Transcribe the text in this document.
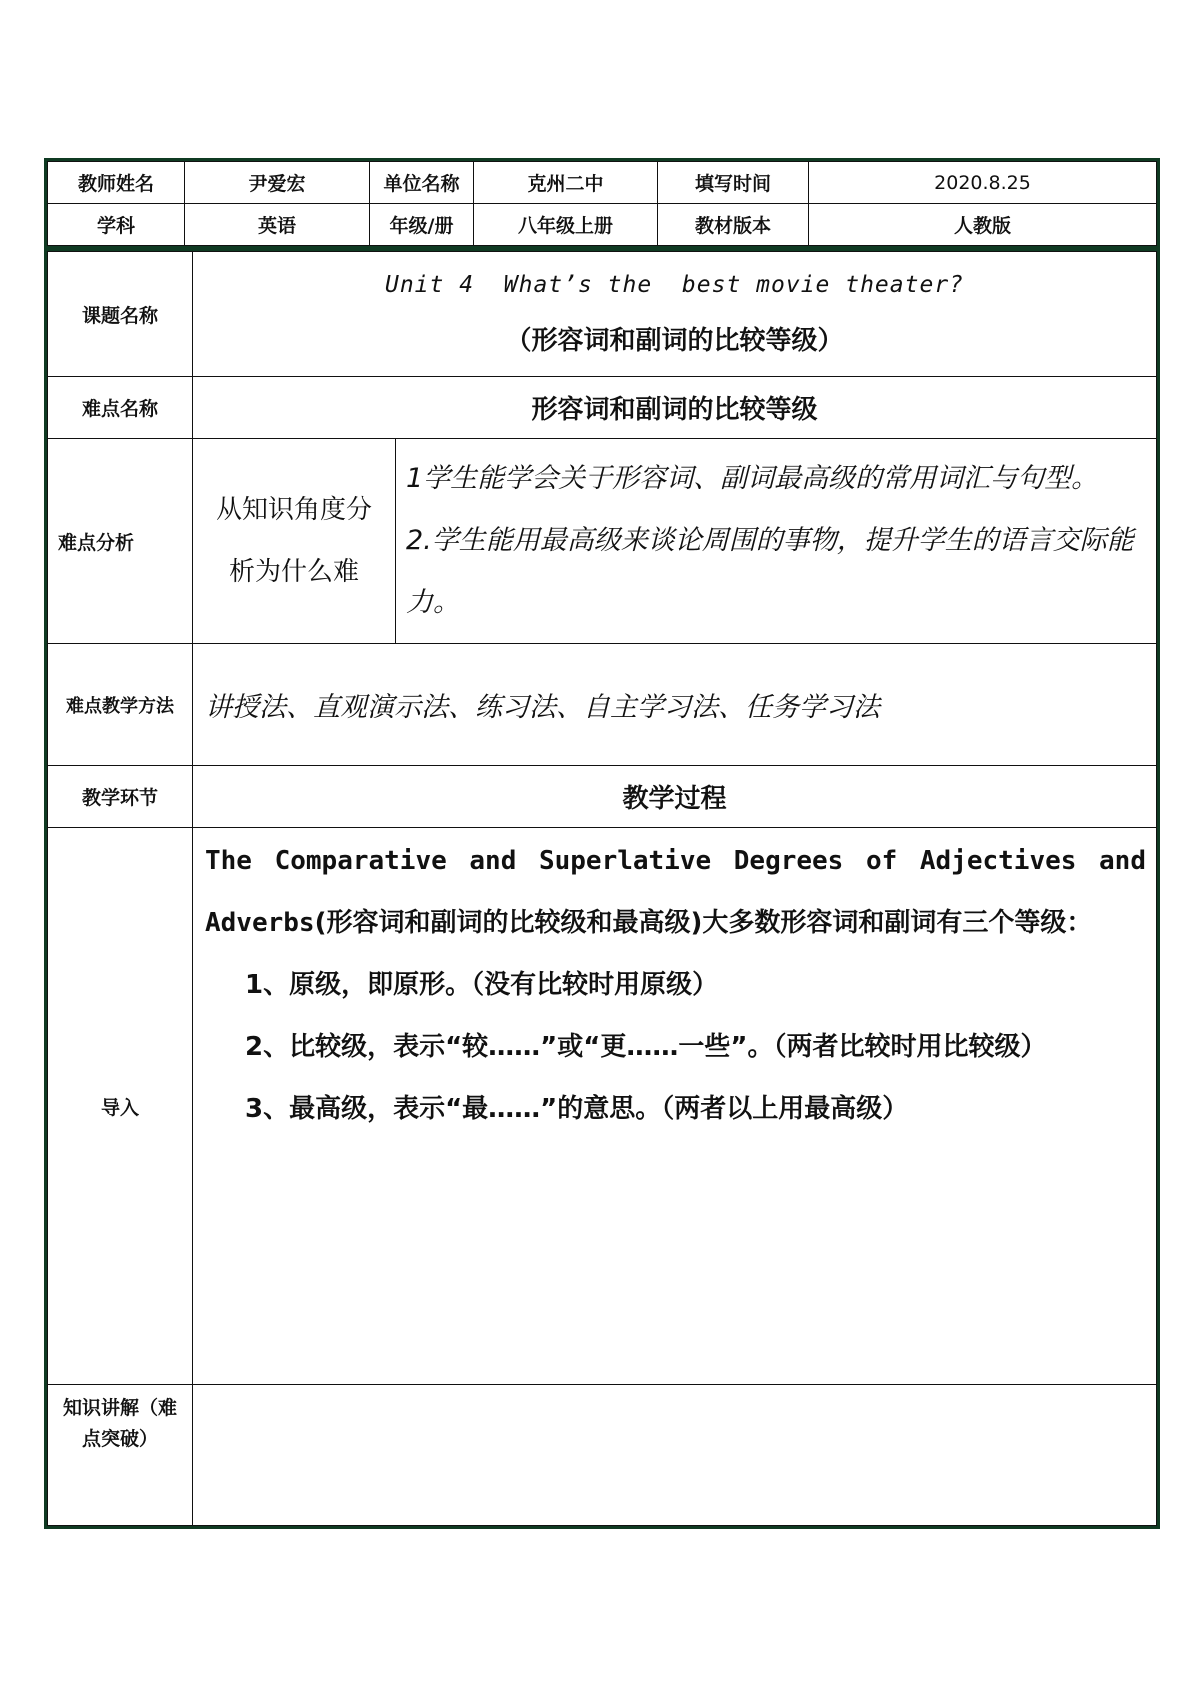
教师姓名	尹爱宏	单位名称	克州二中	填写时间	2020.8.25
学科	英语	年级/册	八年级上册	教材版本	人教版
课题名称	Unit 4  What’s the  best movie theater?
（形容词和副词的比较等级）	

难点名称	形容词和副词的比较等级	
难点分析	从知识角度分析为什么难	1学生能学会关于形容词、副词最高级的常用词汇与句型。
2.学生能用最高级来谈论周围的事物，提升学生的语言交际能力。

难点教学方法	讲授法、直观演示法、练习法、自主学习法、任务学习法	
教学环节	教学过程	
导入	The Comparative and Superlative Degrees of Adjectives and

Adverbs(形容词和副词的比较级和最高级)大多数形容词和副词有三个等级：

1、原级，即原形。（没有比较时用原级）

2、比较级，表示“较……”或“更……一些”。（两者比较时用比较级）

3、最高级，表示“最……”的意思。（两者以上用最高级）	

知识讲解（难点突破）		
